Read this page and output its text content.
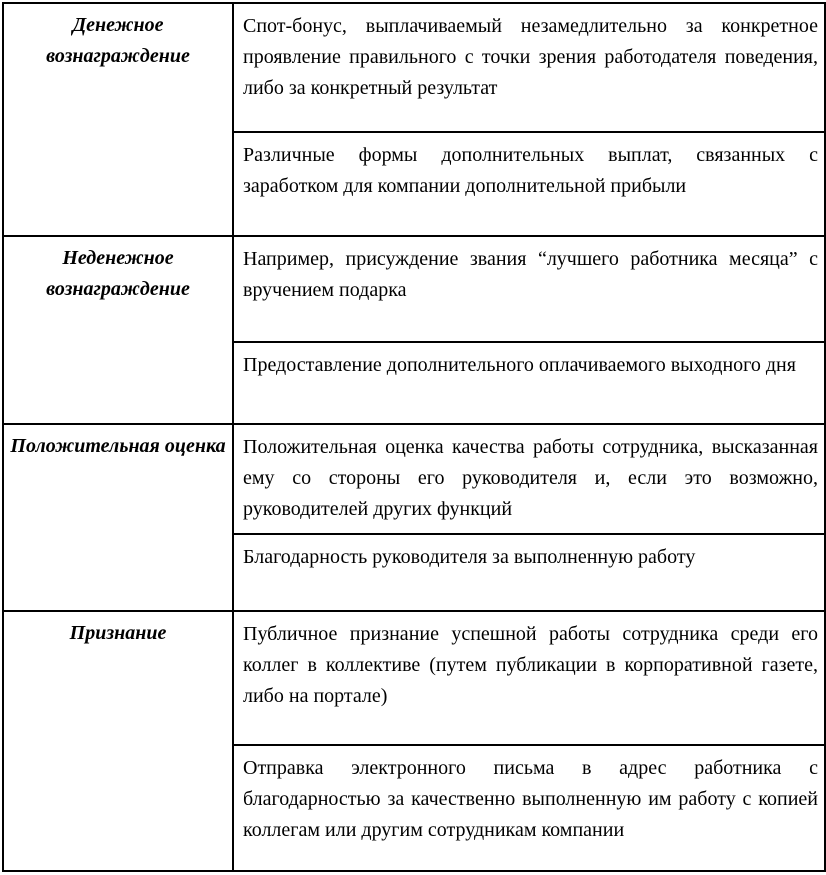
Денежное вознаграждение	Спот-бонус, выплачиваемый незамедлительно за конкретное проявление правильного с точки зрения работодателя поведения, либо за конкретный результат
	Различные формы дополнительных выплат, связанных с заработком для компании дополнительной прибыли
Неденежное вознаграждение	Например, присуждение звания “лучшего работника месяца” с вручением подарка
	Предоставление дополнительного оплачиваемого выходного дня
Положительная оценка	Положительная оценка качества работы сотрудника, высказанная ему со стороны его руководителя и, если это возможно, руководителей других функций
	Благодарность руководителя за выполненную работу
Признание	Публичное признание успешной работы сотрудника среди его коллег в коллективе (путем публикации в корпоративной газете, либо на портале)
	Отправка электронного письма в адрес работника с благодарностью за качественно выполненную им работу с копией коллегам или другим сотрудникам компании
